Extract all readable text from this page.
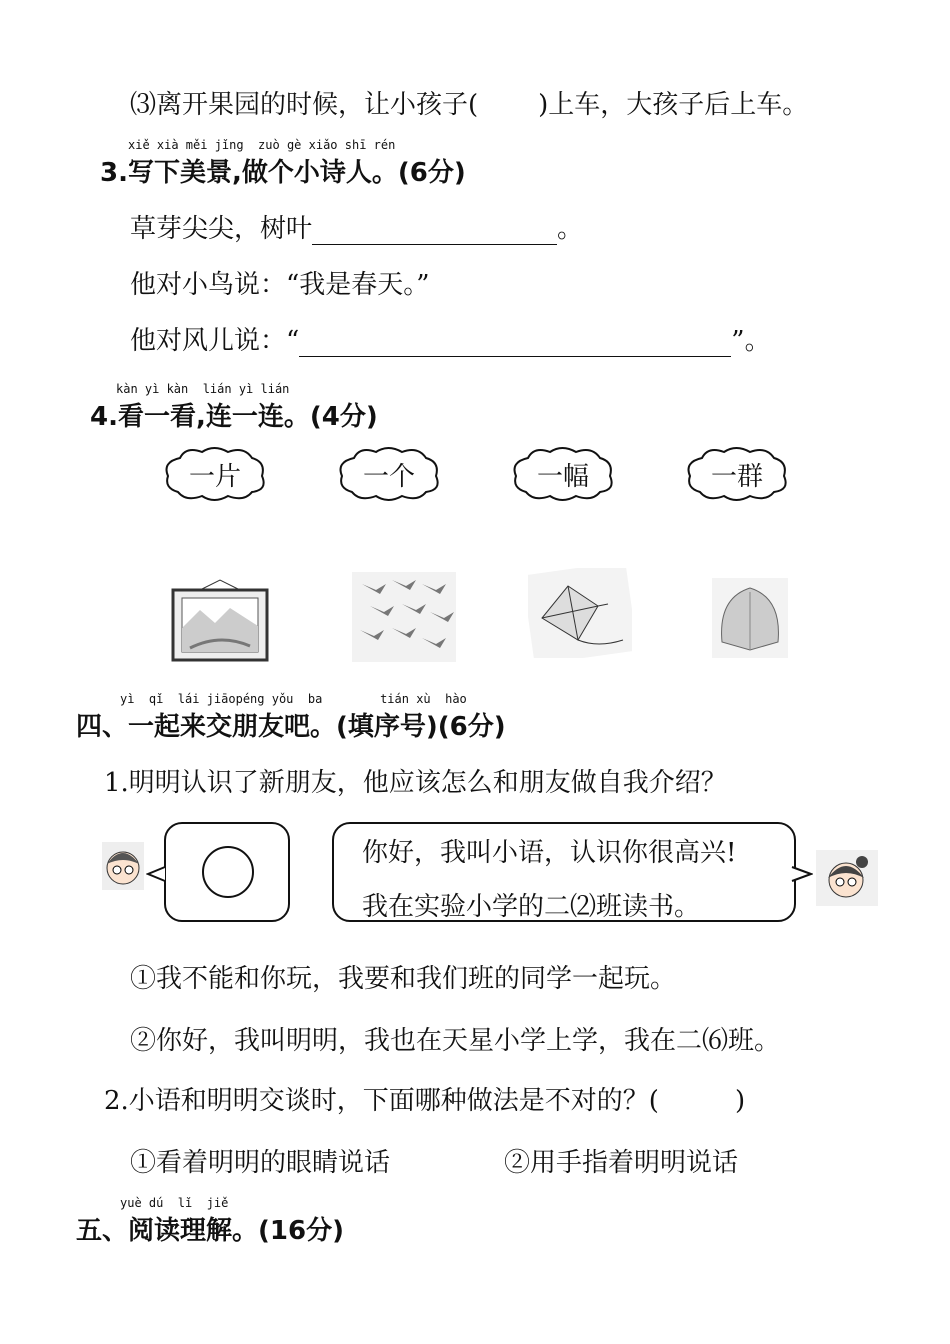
⑶离开果园的时候，让小孩子( )上车，大孩子后上车。
xiě xià měi jǐng  zuò gè xiǎo shī rén
3.写下美景,做个小诗人。(6分)
草芽尖尖，树叶	。
他对小鸟说：“我是春天。”
他对风儿说：“	”。
kàn yì kàn  lián yì lián
4.看一看,连一连。(4分)
一片	一个	一幅	一群
yì  qǐ  lái jiāopéng yǒu  ba        tián xù  hào
四、一起来交朋友吧。(填序号)(6分)
1.明明认识了新朋友，他应该怎么和朋友做自我介绍？
你好，我叫小语，认识你很高兴!
我在实验小学的二⑵班读书。
①我不能和你玩，我要和我们班的同学一起玩。
②你好，我叫明明，我也在天星小学上学，我在二⑹班。
2.小语和明明交谈时，下面哪种做法是不对的？(	)
①看着明明的眼睛说话	②用手指着明明说话
yuè dú  lǐ  jiě
五、阅读理解。(16分)
